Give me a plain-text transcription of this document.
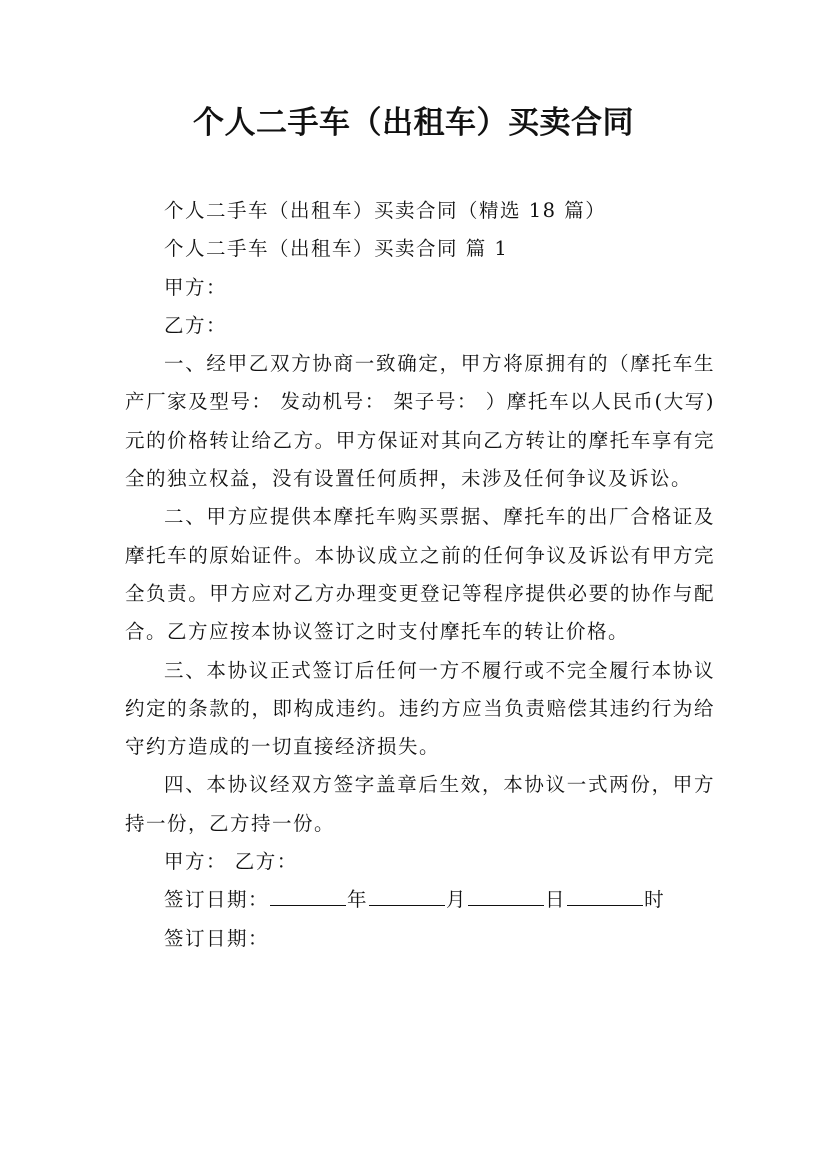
个人二手车（出租车）买卖合同

个人二手车（出租车）买卖合同（精选 18 篇）

个人二手车（出租车）买卖合同 篇 1

甲方：

乙方：

一、经甲乙双方协商一致确定，甲方将原拥有的（摩托车生产厂家及型号： 发动机号： 架子号： ）摩托车以人民币(大写) 元的价格转让给乙方。甲方保证对其向乙方转让的摩托车享有完全的独立权益，没有设置任何质押，未涉及任何争议及诉讼。

二、甲方应提供本摩托车购买票据、摩托车的出厂合格证及摩托车的原始证件。本协议成立之前的任何争议及诉讼有甲方完全负责。甲方应对乙方办理变更登记等程序提供必要的协作与配合。乙方应按本协议签订之时支付摩托车的转让价格。

三、本协议正式签订后任何一方不履行或不完全履行本协议约定的条款的，即构成违约。违约方应当负责赔偿其违约行为给守约方造成的一切直接经济损失。

四、本协议经双方签字盖章后生效，本协议一式两份，甲方持一份，乙方持一份。

甲方： 乙方：

签订日期：	年	月	日	时

签订日期：
